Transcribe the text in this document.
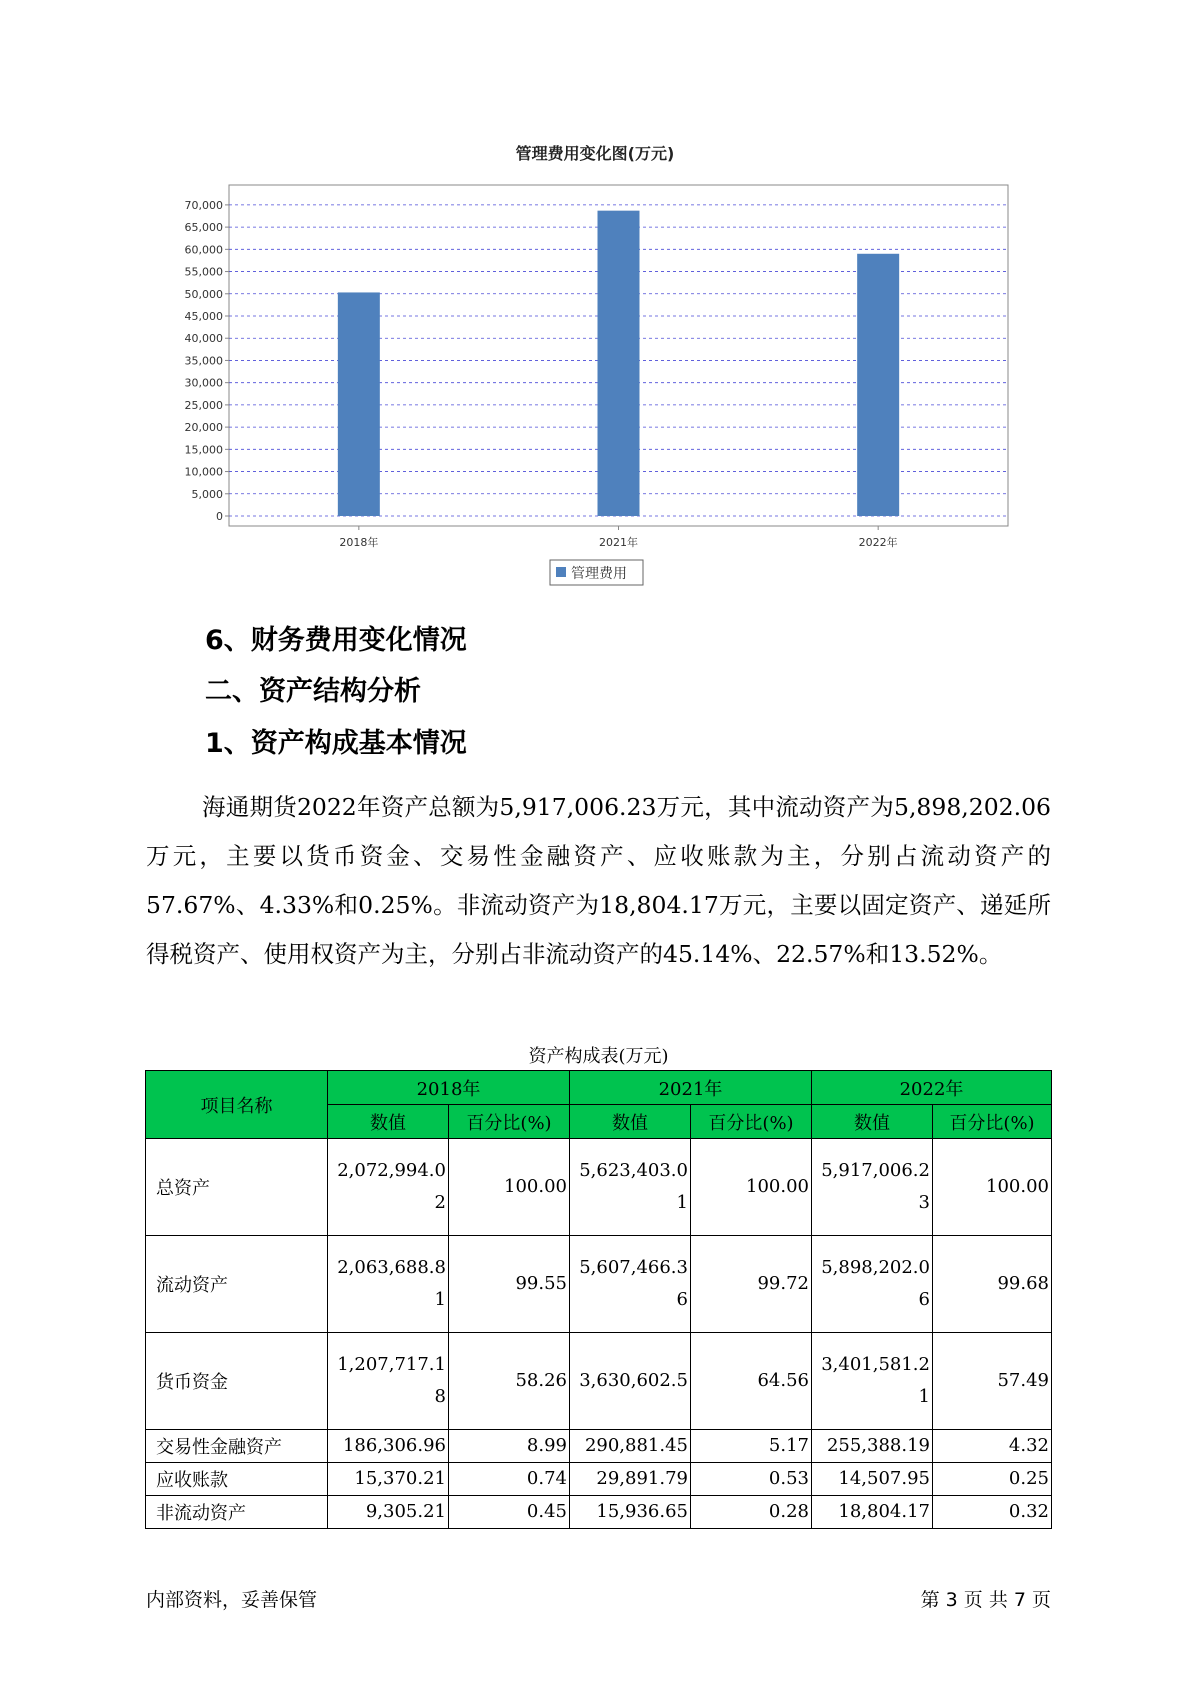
管理费用变化图(万元)
0
5,000
10,000
15,000
20,000
25,000
30,000
35,000
40,000
45,000
50,000
55,000
60,000
65,000
70,000
2018年	2021年	2022年
管理费用
6、财务费用变化情况
二、资产结构分析
1、资产构成基本情况

海通期货2022年资产总额为5,917,006.23万元，其中流动资产为5,898,202.06万元，主要以货币资金、交易性金融资产、应收账款为主，分别占流动资产的57.67%、4.33%和0.25%。非流动资产为18,804.17万元，主要以固定资产、递延所得税资产、使用权资产为主，分别占非流动资产的45.14%、22.57%和13.52%。

资产构成表(万元)
项目名称	2018年		2021年		2022年	
	数值	百分比(%)	数值	百分比(%)	数值	百分比(%)
总资产	2,072,994.02	100.00	5,623,403.01	100.00	5,917,006.23	100.00
流动资产	2,063,688.81	99.55	5,607,466.36	99.72	5,898,202.06	99.68
货币资金	1,207,717.18	58.26	3,630,602.5	64.56	3,401,581.21	57.49
交易性金融资产	186,306.96	8.99	290,881.45	5.17	255,388.19	4.32
应收账款	15,370.21	0.74	29,891.79	0.53	14,507.95	0.25
非流动资产	9,305.21	0.45	15,936.65	0.28	18,804.17	0.32
内部资料，妥善保管	第 3 页 共 7 页
